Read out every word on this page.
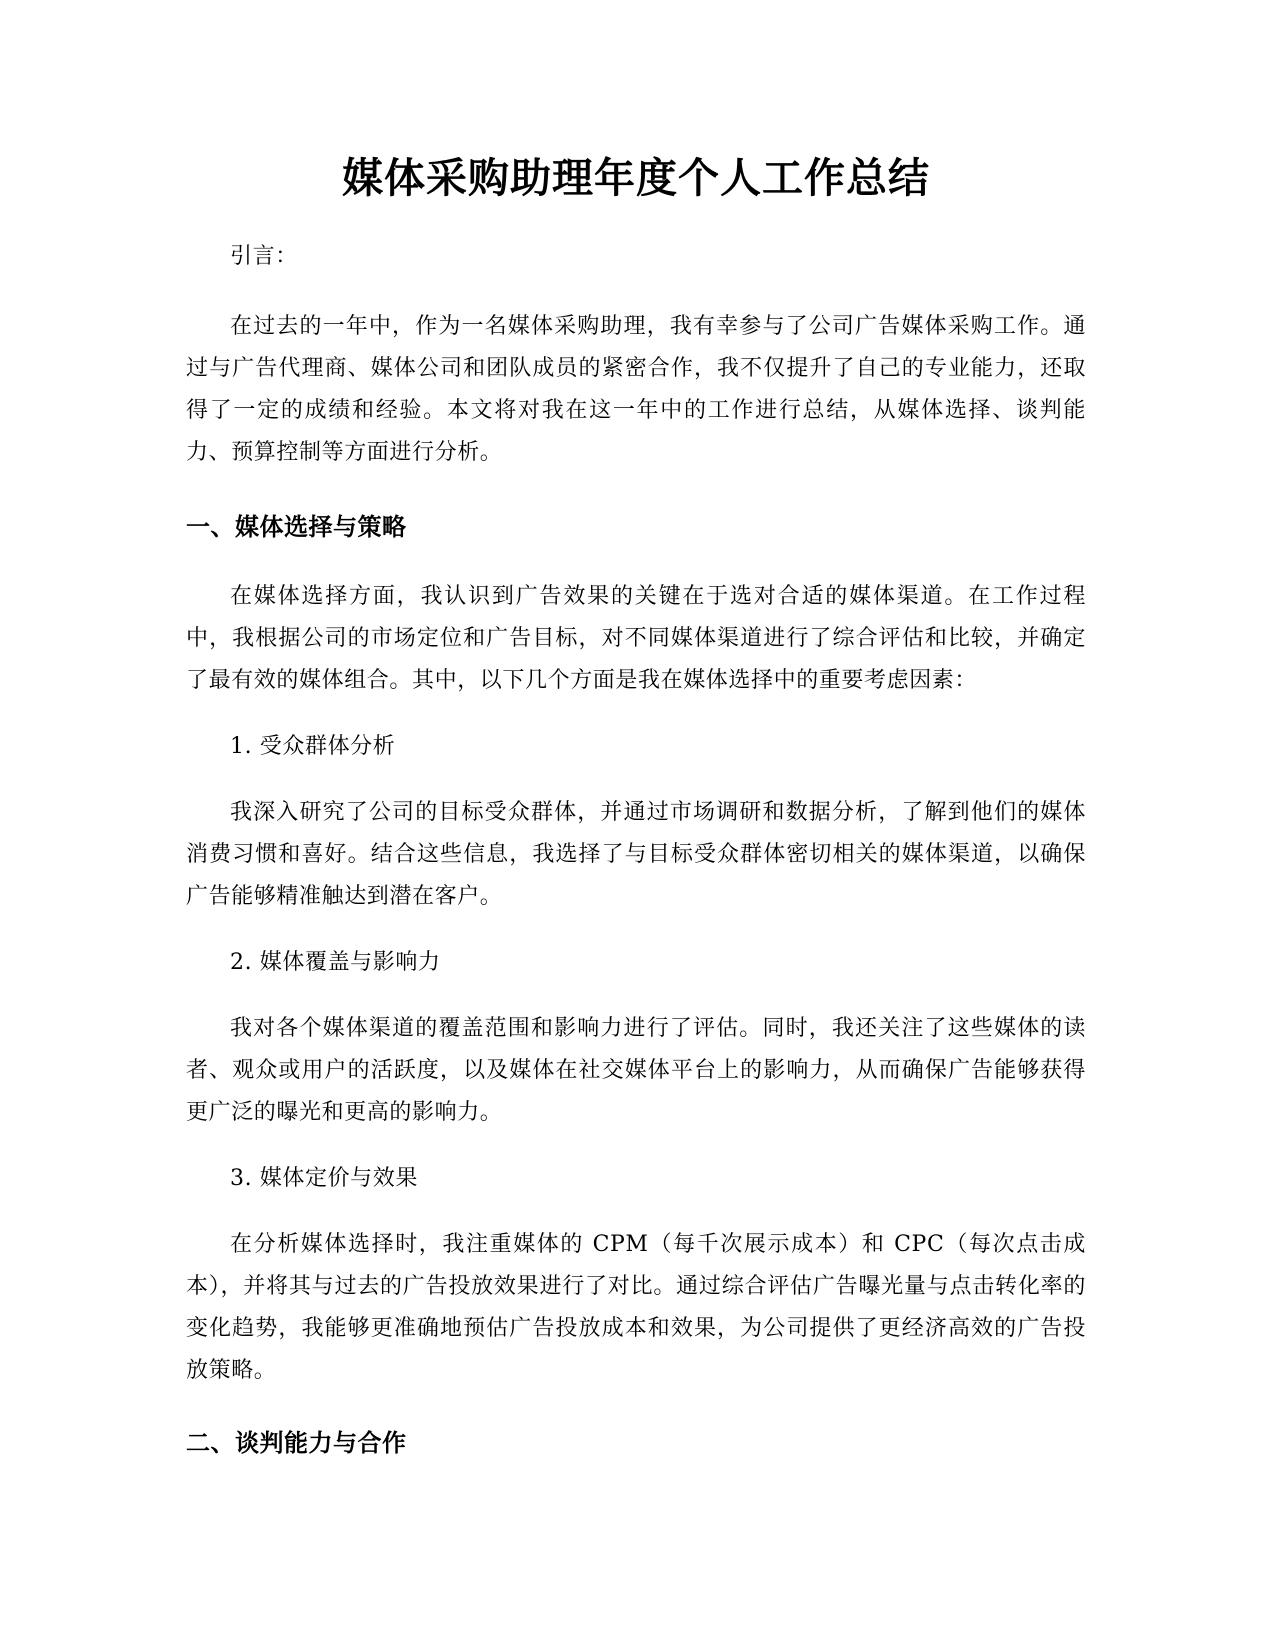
媒体采购助理年度个人工作总结

引言：

在过去的一年中，作为一名媒体采购助理，我有幸参与了公司广告媒体采购工作。通过与广告代理商、媒体公司和团队成员的紧密合作，我不仅提升了自己的专业能力，还取得了一定的成绩和经验。本文将对我在这一年中的工作进行总结，从媒体选择、谈判能力、预算控制等方面进行分析。

一、媒体选择与策略

在媒体选择方面，我认识到广告效果的关键在于选对合适的媒体渠道。在工作过程中，我根据公司的市场定位和广告目标，对不同媒体渠道进行了综合评估和比较，并确定了最有效的媒体组合。其中，以下几个方面是我在媒体选择中的重要考虑因素：

1. 受众群体分析

我深入研究了公司的目标受众群体，并通过市场调研和数据分析，了解到他们的媒体消费习惯和喜好。结合这些信息，我选择了与目标受众群体密切相关的媒体渠道，以确保广告能够精准触达到潜在客户。

2. 媒体覆盖与影响力

我对各个媒体渠道的覆盖范围和影响力进行了评估。同时，我还关注了这些媒体的读者、观众或用户的活跃度，以及媒体在社交媒体平台上的影响力，从而确保广告能够获得更广泛的曝光和更高的影响力。

3. 媒体定价与效果

在分析媒体选择时，我注重媒体的 CPM（每千次展示成本）和 CPC（每次点击成本），并将其与过去的广告投放效果进行了对比。通过综合评估广告曝光量与点击转化率的变化趋势，我能够更准确地预估广告投放成本和效果，为公司提供了更经济高效的广告投放策略。

二、谈判能力与合作
